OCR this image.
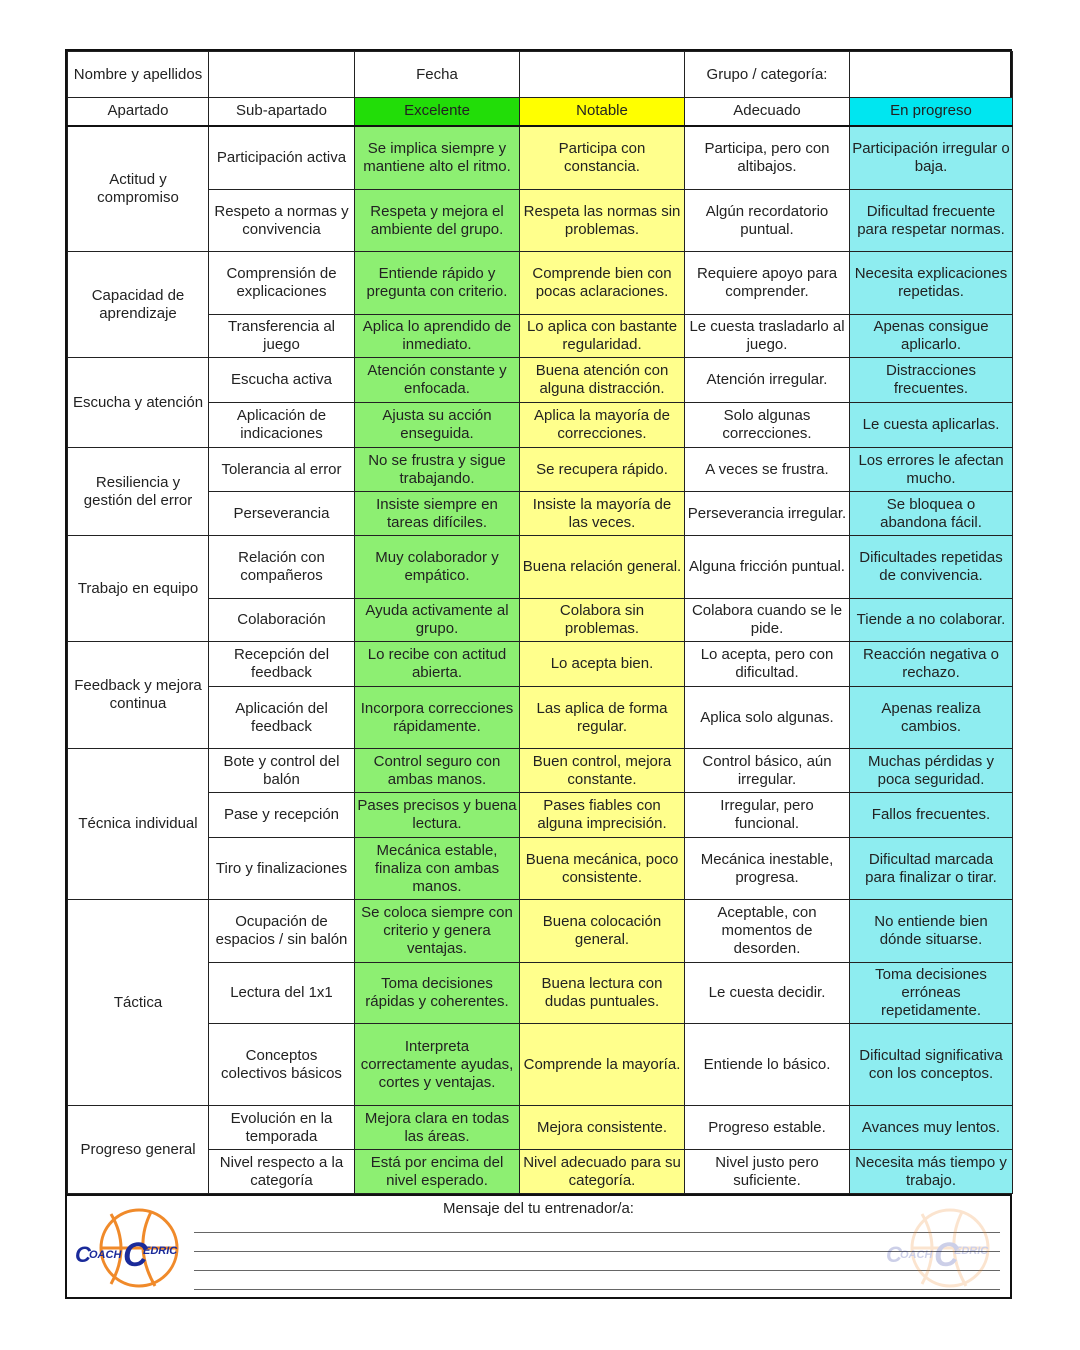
Nombre y apellidos		Fecha		Grupo / categoría:	
Apartado	Sub-apartado	Excelente	Notable	Adecuado	En progreso
Actitud y compromiso	Participación activa	Se implica siempre y mantiene alto el ritmo.	Participa con constancia.	Participa, pero con altibajos.	Participación irregular o baja.
	Respeto a normas y convivencia	Respeta y mejora el ambiente del grupo.	Respeta las normas sin problemas.	Algún recordatorio puntual.	Dificultad frecuente para respetar normas.
Capacidad de aprendizaje	Comprensión de explicaciones	Entiende rápido y pregunta con criterio.	Comprende bien con pocas aclaraciones.	Requiere apoyo para comprender.	Necesita explicaciones repetidas.
	Transferencia al juego	Aplica lo aprendido de inmediato.	Lo aplica con bastante regularidad.	Le cuesta trasladarlo al juego.	Apenas consigue aplicarlo.
Escucha y atención	Escucha activa	Atención constante y enfocada.	Buena atención con alguna distracción.	Atención irregular.	Distracciones frecuentes.
	Aplicación de indicaciones	Ajusta su acción enseguida.	Aplica la mayoría de correcciones.	Solo algunas correcciones.	Le cuesta aplicarlas.
Resiliencia y gestión del error	Tolerancia al error	No se frustra y sigue trabajando.	Se recupera rápido.	A veces se frustra.	Los errores le afectan mucho.
	Perseverancia	Insiste siempre en tareas difíciles.	Insiste la mayoría de las veces.	Perseverancia irregular.	Se bloquea o abandona fácil.
Trabajo en equipo	Relación con compañeros	Muy colaborador y empático.	Buena relación general.	Alguna fricción puntual.	Dificultades repetidas de convivencia.
	Colaboración	Ayuda activamente al grupo.	Colabora sin problemas.	Colabora cuando se le pide.	Tiende a no colaborar.
Feedback y mejora continua	Recepción del feedback	Lo recibe con actitud abierta.	Lo acepta bien.	Lo acepta, pero con dificultad.	Reacción negativa o rechazo.
	Aplicación del feedback	Incorpora correcciones rápidamente.	Las aplica de forma regular.	Aplica solo algunas.	Apenas realiza cambios.
Técnica individual	Bote y control del balón	Control seguro con ambas manos.	Buen control, mejora constante.	Control básico, aún irregular.	Muchas pérdidas y poca seguridad.
	Pase y recepción	Pases precisos y buena lectura.	Pases fiables con alguna imprecisión.	Irregular, pero funcional.	Fallos frecuentes.
	Tiro y finalizaciones	Mecánica estable, finaliza con ambas manos.	Buena mecánica, poco consistente.	Mecánica inestable, progresa.	Dificultad marcada para finalizar o tirar.
Táctica	Ocupación de espacios / sin balón	Se coloca siempre con criterio y genera ventajas.	Buena colocación general.	Aceptable, con momentos de desorden.	No entiende bien dónde situarse.
	Lectura del 1x1	Toma decisiones rápidas y coherentes.	Buena lectura con dudas puntuales.	Le cuesta decidir.	Toma decisiones erróneas repetidamente.
	Conceptos colectivos básicos	Interpreta correctamente ayudas, cortes y ventajas.	Comprende la mayoría.	Entiende lo básico.	Dificultad significativa con los conceptos.
Progreso general	Evolución en la temporada	Mejora clara en todas las áreas.	Mejora consistente.	Progreso estable.	Avances muy lentos.
	Nivel respecto a la categoría	Está por encima del nivel esperado.	Nivel adecuado para su categoría.	Nivel justo pero suficiente.	Necesita más tiempo y trabajo.
Mensaje del tu entrenador/a:
C
OACH C
EDRIC	C
OACH C
EDRIC
